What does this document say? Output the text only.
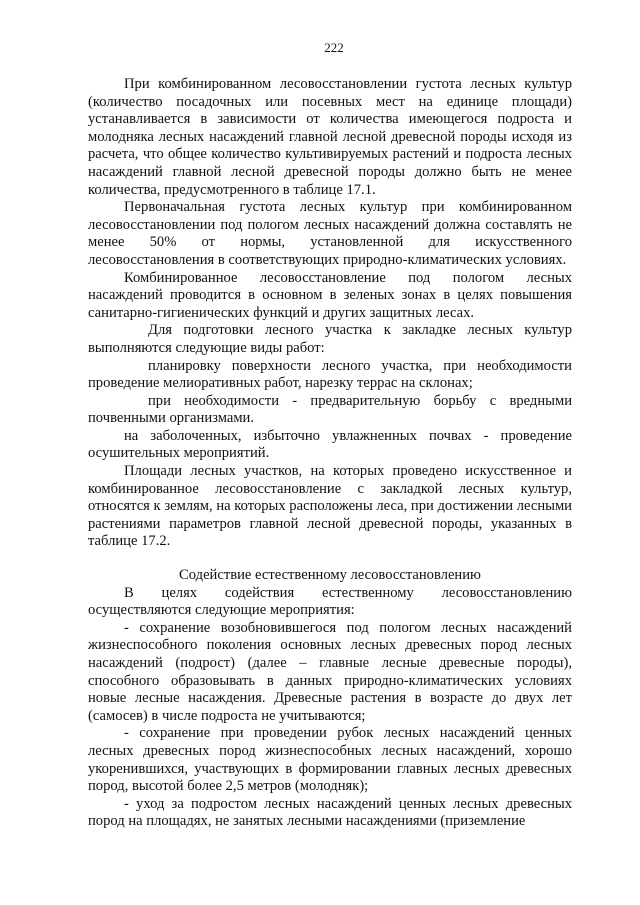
222

При комбинированном лесовосстановлении густота лесных культур (количество посадочных или посевных мест на единице площади) устанавливается в зависимости от количества имеющегося подроста и молодняка лесных насаждений главной лесной древесной породы исходя из расчета, что общее количество культивируемых растений и подроста лесных насаждений главной лесной древесной породы должно быть не менее количества, предусмотренного в таблице 17.1.

Первоначальная густота лесных культур при комбинированном лесовосстановлении под пологом лесных насаждений должна составлять не менее 50% от нормы, установленной для искусственного лесовосстановления в соответствующих природно-климатических условиях.

Комбинированное лесовосстановление под пологом лесных насаждений проводится в основном в зеленых зонах в целях повышения санитарно-гигиенических функций и других защитных лесах.

Для подготовки лесного участка к закладке лесных культур выполняются следующие виды работ:

планировку поверхности лесного участка, при необходимости проведение мелиоративных работ, нарезку террас на склонах;

при необходимости - предварительную борьбу с вредными почвенными организмами.

на заболоченных, избыточно увлажненных почвах - проведение осушительных мероприятий.

Площади лесных участков, на которых проведено искусственное и комбинированное лесовосстановление с закладкой лесных культур, относятся к землям, на которых расположены леса, при достижении лесными растениями параметров главной лесной древесной породы, указанных в таблице 17.2.

Содействие естественному лесовосстановлению

В целях содействия естественному лесовосстановлению осуществляются следующие мероприятия:

- сохранение возобновившегося под пологом лесных насаждений жизнеспособного поколения основных лесных древесных пород лесных насаждений (подрост) (далее – главные лесные древесные породы), способного образовывать в данных природно-климатических условиях новые лесные насаждения. Древесные растения в возрасте до двух лет (самосев) в числе подроста не учитываются;

- сохранение при проведении рубок лесных насаждений ценных лесных древесных пород жизнеспособных лесных насаждений, хорошо укоренившихся, участвующих в формировании главных лесных древесных пород, высотой более 2,5 метров (молодняк);

- уход за подростом лесных насаждений ценных лесных древесных пород на площадях, не занятых лесными насаждениями (приземление
